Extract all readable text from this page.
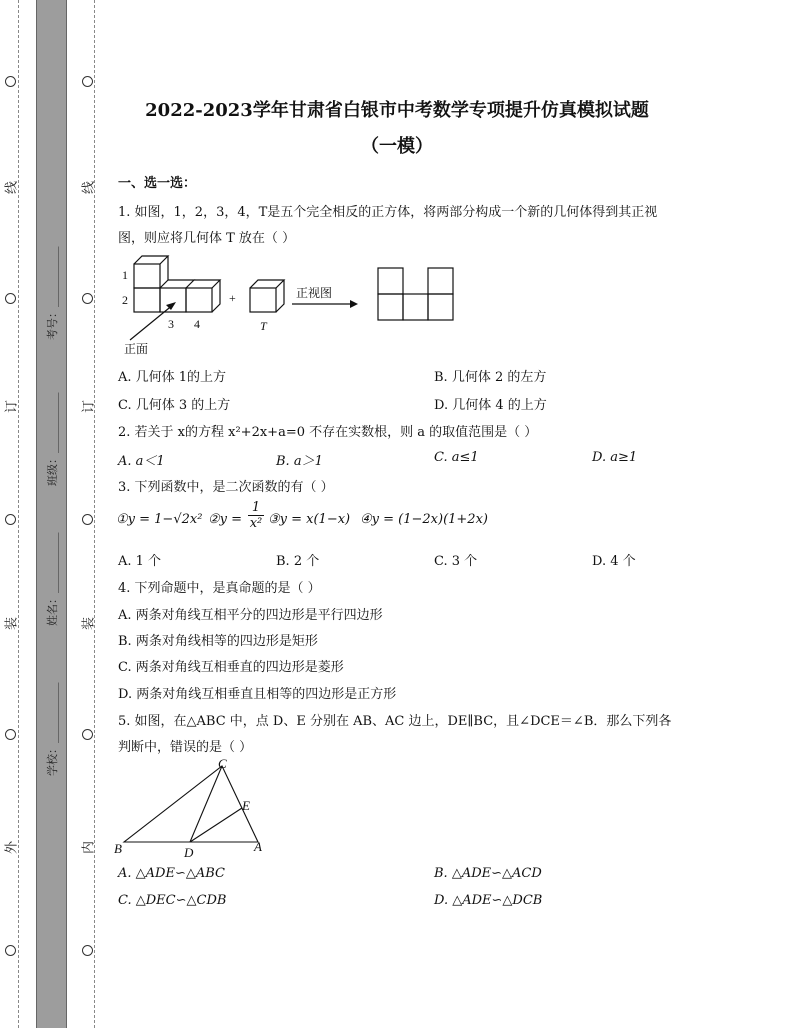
线
订
装
外
线
订
装
内
考号：___________
班级：___________
姓名：___________
学校：___________
2022-2023学年甘肃省白银市中考数学专项提升仿真模拟试题
（一模）
一、选一选：
1. 如图，1，2，3，4，T是五个完全相反的正方体，将两部分构成一个新的几何体得到其正视
图，则应将几何体 T 放在（ ）
1
2
3 4
+
T
正视图
正面
A. 几何体 1的上方	B. 几何体 2 的左方
C. 几何体 3 的上方	D. 几何体 4 的上方
2. 若关于 x的方程 x²+2x+a=0 不存在实数根，则 a 的取值范围是（ ）
A. a＜1	B. a＞1	C. a≤1	D. a≥1
3. 下列函数中，是二次函数的有（ ）
①y = 1−√2x² ②y = $\frac{1}{\text{x²}}$ ③y = x(1−x) ④y = (1−2x)(1+2x)
A. 1 个	B. 2 个	C. 3 个	D. 4 个
4. 下列命题中，是真命题的是（ ）
A. 两条对角线互相平分的四边形是平行四边形
B. 两条对角线相等的四边形是矩形
C. 两条对角线互相垂直的四边形是菱形
D. 两条对角线互相垂直且相等的四边形是正方形
5. 如图，在△ABC 中，点 D、E 分别在 AB、AC 边上，DE∥BC，且∠DCE＝∠B．那么下列各
判断中，错误的是（ ）
B	A
C
D
E
A. △ADE∽△ABC	B. △ADE∽△ACD
C. △DEC∽△CDB	D. △ADE∽△DCB
